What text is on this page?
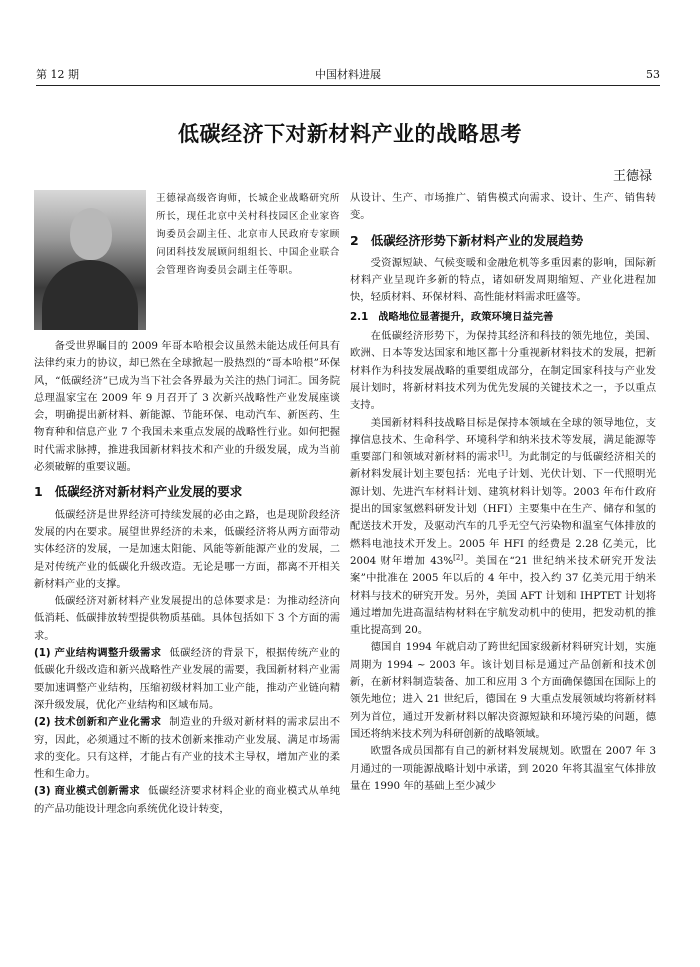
第 12 期	中国材料进展	53
低碳经济下对新材料产业的战略思考
王德禄
王德禄高级咨询师，长城企业战略研究所所长，现任北京中关村科技园区企业家咨询委员会副主任、北京市人民政府专家顾问团科技发展顾问组组长、中国企业联合会管理咨询委员会副主任等职。

备受世界瞩目的 2009 年哥本哈根会议虽然未能达成任何具有法律约束力的协议，却已然在全球掀起一股热烈的“哥本哈根”环保风，“低碳经济”已成为当下社会各界最为关注的热门词汇。国务院总理温家宝在 2009 年 9 月召开了 3 次新兴战略性产业发展座谈会，明确提出新材料、新能源、节能环保、电动汽车、新医药、生物育种和信息产业 7 个我国未来重点发展的战略性行业。如何把握时代需求脉搏，推进我国新材料技术和产业的升级发展，成为当前必须破解的重要议题。

1 低碳经济对新材料产业发展的要求

低碳经济是世界经济可持续发展的必由之路，也是现阶段经济发展的内在要求。展望世界经济的未来，低碳经济将从两方面带动实体经济的发展，一是加速太阳能、风能等新能源产业的发展，二是对传统产业的低碳化升级改造。无论是哪一方面，都离不开相关新材料产业的支撑。

低碳经济对新材料产业发展提出的总体要求是：为推动经济向低消耗、低碳排放转型提供物质基础。具体包括如下 3 个方面的需求。

(1) 产业结构调整升级需求 低碳经济的背景下，根据传统产业的低碳化升级改造和新兴战略性产业发展的需要，我国新材料产业需要加速调整产业结构，压缩初级材料加工业产能，推动产业链向精深升级发展，优化产业结构和区域布局。

(2) 技术创新和产业化需求 制造业的升级对新材料的需求层出不穷，因此，必须通过不断的技术创新来推动产业发展、满足市场需求的变化。只有这样，才能占有产业的技术主导权，增加产业的柔性和生命力。

(3) 商业模式创新需求 低碳经济要求材料企业的商业模式从单纯的产品功能设计理念向系统优化设计转变，

从设计、生产、市场推广、销售模式向需求、设计、生产、销售转变。

2 低碳经济形势下新材料产业的发展趋势

受资源短缺、气候变暖和金融危机等多重因素的影响，国际新材料产业呈现许多新的特点，诸如研发周期缩短、产业化进程加快，轻质材料、环保材料、高性能材料需求旺盛等。

2.1 战略地位显著提升，政策环境日益完善

在低碳经济形势下，为保持其经济和科技的领先地位，美国、欧洲、日本等发达国家和地区都十分重视新材料技术的发展，把新材料作为科技发展战略的重要组成部分，在制定国家科技与产业发展计划时，将新材料技术列为优先发展的关键技术之一，予以重点支持。

美国新材料科技战略目标是保持本领域在全球的领导地位，支撑信息技术、生命科学、环境科学和纳米技术等发展，满足能源等重要部门和领域对新材料的需求[1]。为此制定的与低碳经济相关的新材料发展计划主要包括：光电子计划、光伏计划、下一代照明光源计划、先进汽车材料计划、建筑材料计划等。2003 年布什政府提出的国家氢燃料研发计划（HFI）主要集中在生产、储存和氢的配送技术开发，及驱动汽车的几乎无空气污染物和温室气体排放的燃料电池技术开发上。2005 年 HFI 的经费是 2.28 亿美元，比 2004 财年增加 43%[2]。美国在“21 世纪纳米技术研究开发法案”中批准在 2005 年以后的 4 年中，投入约 37 亿美元用于纳米材料与技术的研究开发。另外，美国 AFT 计划和 IHPTET 计划将通过增加先进高温结构材料在宇航发动机中的使用，把发动机的推重比提高到 20。

德国自 1994 年就启动了跨世纪国家级新材料研究计划，实施周期为 1994 ~ 2003 年。该计划目标是通过产品创新和技术创新，在新材料制造装备、加工和应用 3 个方面确保德国在国际上的领先地位；进入 21 世纪后，德国在 9 大重点发展领域均将新材料列为首位，通过开发新材料以解决资源短缺和环境污染的问题，德国还将纳米技术列为科研创新的战略领域。

欧盟各成员国都有自己的新材料发展规划。欧盟在 2007 年 3 月通过的一项能源战略计划中承诺，到 2020 年将其温室气体排放量在 1990 年的基础上至少减少
